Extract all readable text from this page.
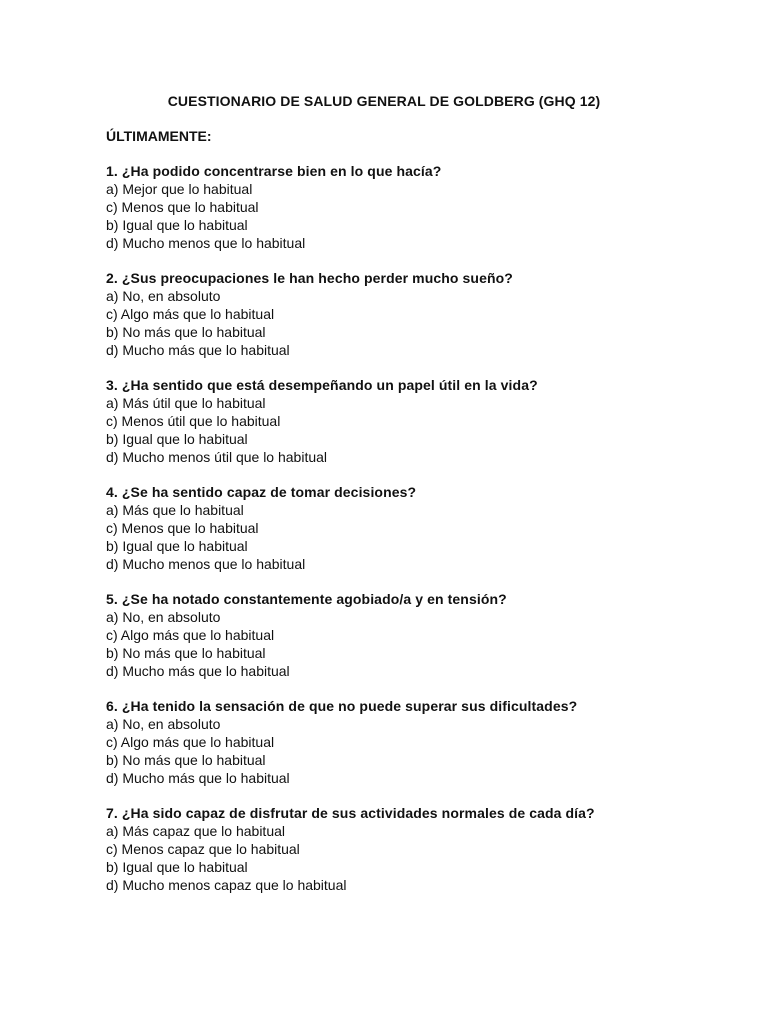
CUESTIONARIO DE SALUD GENERAL DE GOLDBERG (GHQ 12)
ÚLTIMAMENTE:
1. ¿Ha podido concentrarse bien en lo que hacía?
a) Mejor que lo habitual
c) Menos que lo habitual
b) Igual que lo habitual
d) Mucho menos que lo habitual
2. ¿Sus preocupaciones le han hecho perder mucho sueño?
a) No, en absoluto
c) Algo más que lo habitual
b) No más que lo habitual
d) Mucho más que lo habitual
3. ¿Ha sentido que está desempeñando un papel útil en la vida?
a) Más útil que lo habitual
c) Menos útil que lo habitual
b) Igual que lo habitual
d) Mucho menos útil que lo habitual
4. ¿Se ha sentido capaz de tomar decisiones?
a) Más que lo habitual
c) Menos que lo habitual
b) Igual que lo habitual
d) Mucho menos que lo habitual
5. ¿Se ha notado constantemente agobiado/a y en tensión?
a) No, en absoluto
c) Algo más que lo habitual
b) No más que lo habitual
d) Mucho más que lo habitual
6. ¿Ha tenido la sensación de que no puede superar sus dificultades?
a) No, en absoluto
c) Algo más que lo habitual
b) No más que lo habitual
d) Mucho más que lo habitual
7. ¿Ha sido capaz de disfrutar de sus actividades normales de cada día?
a) Más capaz que lo habitual
c) Menos capaz que lo habitual
b) Igual que lo habitual
d) Mucho menos capaz que lo habitual
